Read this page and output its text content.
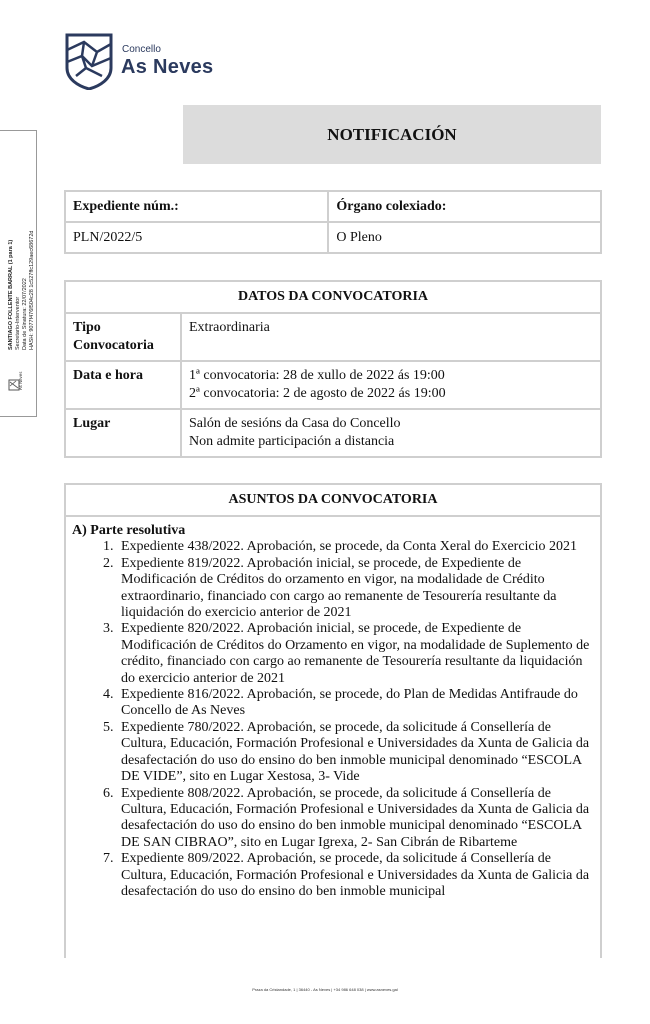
Concello
As Neves
SANTIAGO FOLLENTE BARRAL (1 para 1) Secretario-Interventor Data de Sinatura: 22/07/2022 HASH: 9077f476f504c28 1c527ffc129aec68672d
As Neves
NOTIFICACIÓN
Expediente núm.:	Órgano colexiado:
PLN/2022/5	O Pleno
DATOS DA CONVOCATORIA	
Tipo Convocatoria	Extraordinaria
Data e hora	1ª convocatoria: 28 de xullo de 2022 ás 19:00
2ª convocatoria: 2 de agosto de 2022 ás 19:00

Lugar	Salón de sesións da Casa do Concello
Non admite participación a distancia
ASUNTOS DA CONVOCATORIA
A) Parte resolutiva
1. Expediente 438/2022. Aprobación, se procede, da Conta Xeral do Exercicio 2021
2. Expediente 819/2022. Aprobación inicial, se procede, de Expediente de Modificación de Créditos do orzamento en vigor, na modalidade de Crédito extraordinario, financiado con cargo ao remanente de Tesourería resultante da liquidación do exercicio anterior de 2021
3. Expediente 820/2022. Aprobación inicial, se procede, de Expediente de Modificación de Créditos do Orzamento en vigor, na modalidade de Suplemento de crédito, financiado con cargo ao remanente de Tesourería resultante da liquidación do exercicio anterior de 2021
4. Expediente 816/2022. Aprobación, se procede, do Plan de Medidas Antifraude do Concello de As Neves
5. Expediente 780/2022. Aprobación, se procede, da solicitude á Consellería de Cultura, Educación, Formación Profesional e Universidades da Xunta de Galicia da desafectación do uso do ensino do ben inmoble municipal denominado “ESCOLA DE VIDE”, sito en Lugar Xestosa, 3- Vide
6. Expediente 808/2022. Aprobación, se procede, da solicitude á Consellería de Cultura, Educación, Formación Profesional e Universidades da Xunta de Galicia da desafectación do uso do ensino do ben inmoble municipal denominado “ESCOLA DE SAN CIBRAO”, sito en Lugar Igrexa, 2- San Cibrán de Ribarteme
7. Expediente 809/2022. Aprobación, se procede, da solicitude á Consellería de Cultura, Educación, Formación Profesional e Universidades da Xunta de Galicia da desafectación do uso do ensino do ben inmoble municipal
Praza da Cristandade, 1 | 36440 - As Neves | +34 986 648 038 | www.asneves.gal
